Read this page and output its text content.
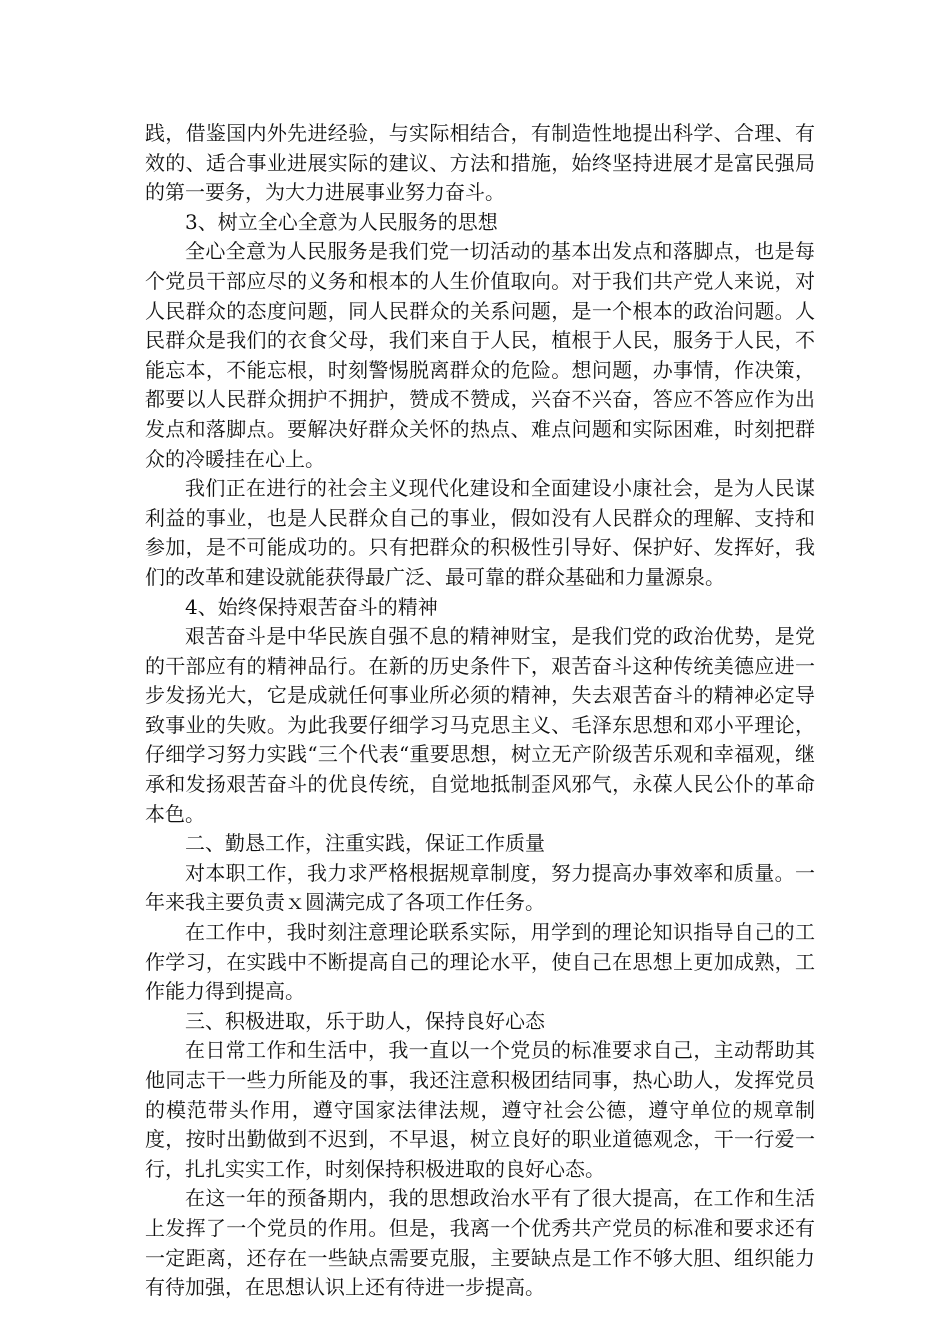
践，借鉴国内外先进经验，与实际相结合，有制造性地提出科学、合理、有效的、适合事业进展实际的建议、方法和措施，始终坚持进展才是富民强局的第一要务，为大力进展事业努力奋斗。

3、树立全心全意为人民服务的思想

全心全意为人民服务是我们党一切活动的基本出发点和落脚点，也是每个党员干部应尽的义务和根本的人生价值取向。对于我们共产党人来说，对人民群众的态度问题，同人民群众的关系问题，是一个根本的政治问题。人民群众是我们的衣食父母，我们来自于人民，植根于人民，服务于人民，不能忘本，不能忘根，时刻警惕脱离群众的危险。想问题，办事情，作决策，都要以人民群众拥护不拥护，赞成不赞成，兴奋不兴奋，答应不答应作为出发点和落脚点。要解决好群众关怀的热点、难点问题和实际困难，时刻把群众的冷暖挂在心上。

我们正在进行的社会主义现代化建设和全面建设小康社会，是为人民谋利益的事业，也是人民群众自己的事业，假如没有人民群众的理解、支持和参加，是不可能成功的。只有把群众的积极性引导好、保护好、发挥好，我们的改革和建设就能获得最广泛、最可靠的群众基础和力量源泉。

4、始终保持艰苦奋斗的精神

艰苦奋斗是中华民族自强不息的精神财宝，是我们党的政治优势，是党的干部应有的精神品行。在新的历史条件下，艰苦奋斗这种传统美德应进一步发扬光大，它是成就任何事业所必须的精神，失去艰苦奋斗的精神必定导致事业的失败。为此我要仔细学习马克思主义、毛泽东思想和邓小平理论，仔细学习努力实践“三个代表“重要思想，树立无产阶级苦乐观和幸福观，继承和发扬艰苦奋斗的优良传统，自觉地抵制歪风邪气，永葆人民公仆的革命本色。

二、勤恳工作，注重实践，保证工作质量

对本职工作，我力求严格根据规章制度，努力提高办事效率和质量。一年来我主要负责ｘ圆满完成了各项工作任务。

在工作中，我时刻注意理论联系实际，用学到的理论知识指导自己的工作学习，在实践中不断提高自己的理论水平，使自己在思想上更加成熟，工作能力得到提高。

三、积极进取，乐于助人，保持良好心态

在日常工作和生活中，我一直以一个党员的标准要求自己，主动帮助其他同志干一些力所能及的事，我还注意积极团结同事，热心助人，发挥党员的模范带头作用，遵守国家法律法规，遵守社会公德，遵守单位的规章制度，按时出勤做到不迟到，不早退，树立良好的职业道德观念，干一行爱一行，扎扎实实工作，时刻保持积极进取的良好心态。

在这一年的预备期内，我的思想政治水平有了很大提高，在工作和生活上发挥了一个党员的作用。但是，我离一个优秀共产党员的标准和要求还有一定距离，还存在一些缺点需要克服，主要缺点是工作不够大胆、组织能力有待加强，在思想认识上还有待进一步提高。
